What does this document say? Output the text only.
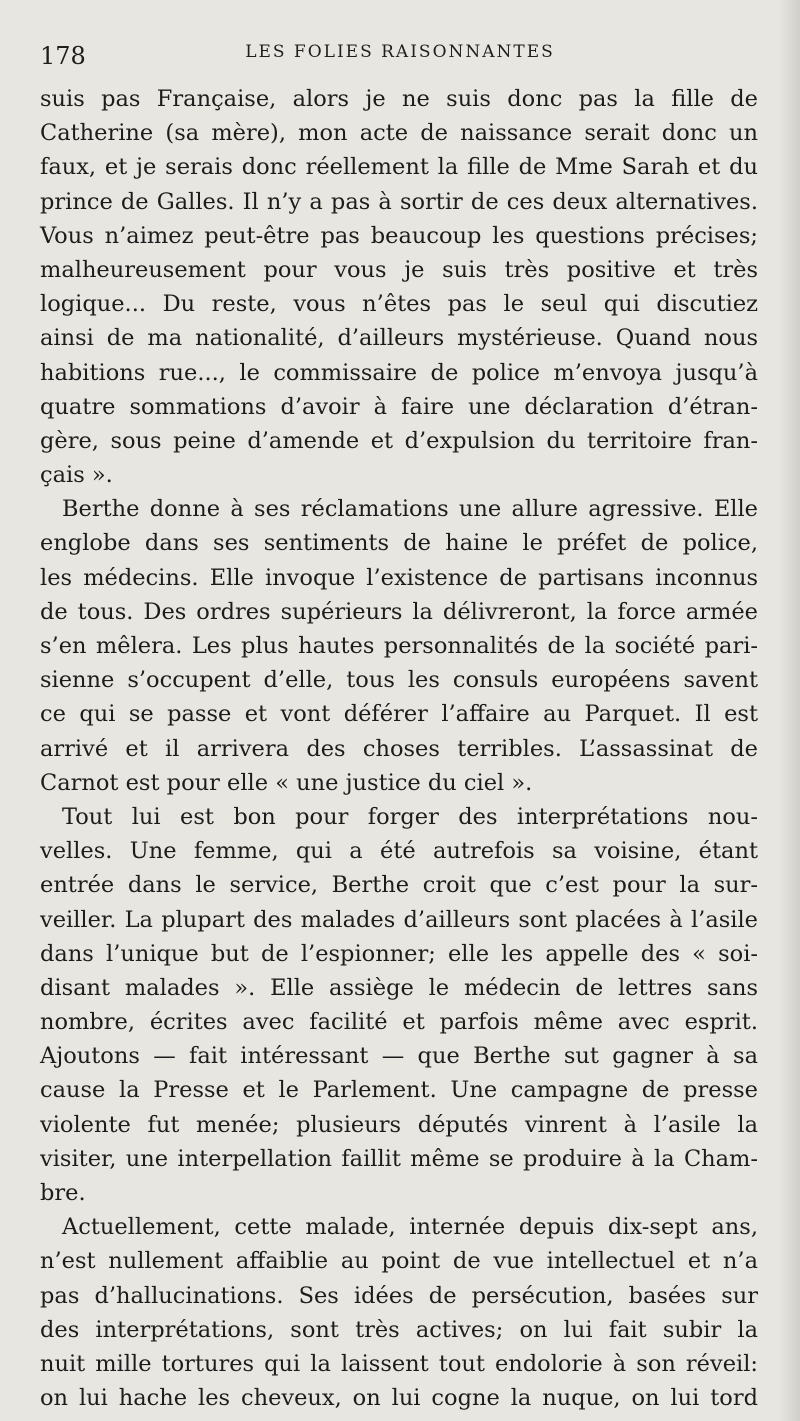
178	LES FOLIES RAISONNANTES
suis pas Française, alors je ne suis donc pas la fille de
Catherine (sa mère), mon acte de naissance serait donc un
faux, et je serais donc réellement la fille de Mme Sarah et du
prince de Galles. Il n’y a pas à sortir de ces deux alternatives.
Vous n’aimez peut-être pas beaucoup les questions précises;
malheureusement pour vous je suis très positive et très
logique... Du reste, vous n’êtes pas le seul qui discutiez
ainsi de ma nationalité, d’ailleurs mystérieuse. Quand nous
habitions rue..., le commissaire de police m’envoya jusqu’à
quatre sommations d’avoir à faire une déclaration d’étran-
gère, sous peine d’amende et d’expulsion du territoire fran-
çais ».
Berthe donne à ses réclamations une allure agressive. Elle
englobe dans ses sentiments de haine le préfet de police,
les médecins. Elle invoque l’existence de partisans inconnus
de tous. Des ordres supérieurs la délivreront, la force armée
s’en mêlera. Les plus hautes personnalités de la société pari-
sienne s’occupent d’elle, tous les consuls européens savent
ce qui se passe et vont déférer l’affaire au Parquet. Il est
arrivé et il arrivera des choses terribles. L’assassinat de
Carnot est pour elle « une justice du ciel ».
Tout lui est bon pour forger des interprétations nou-
velles. Une femme, qui a été autrefois sa voisine, étant
entrée dans le service, Berthe croit que c’est pour la sur-
veiller. La plupart des malades d’ailleurs sont placées à l’asile
dans l’unique but de l’espionner; elle les appelle des « soi-
disant malades ». Elle assiège le médecin de lettres sans
nombre, écrites avec facilité et parfois même avec esprit.
Ajoutons — fait intéressant — que Berthe sut gagner à sa
cause la Presse et le Parlement. Une campagne de presse
violente fut menée; plusieurs députés vinrent à l’asile la
visiter, une interpellation faillit même se produire à la Cham-
bre.
Actuellement, cette malade, internée depuis dix-sept ans,
n’est nullement affaiblie au point de vue intellectuel et n’a
pas d’hallucinations. Ses idées de persécution, basées sur
des interprétations, sont très actives; on lui fait subir la
nuit mille tortures qui la laissent tout endolorie à son réveil:
on lui hache les cheveux, on lui cogne la nuque, on lui tord
